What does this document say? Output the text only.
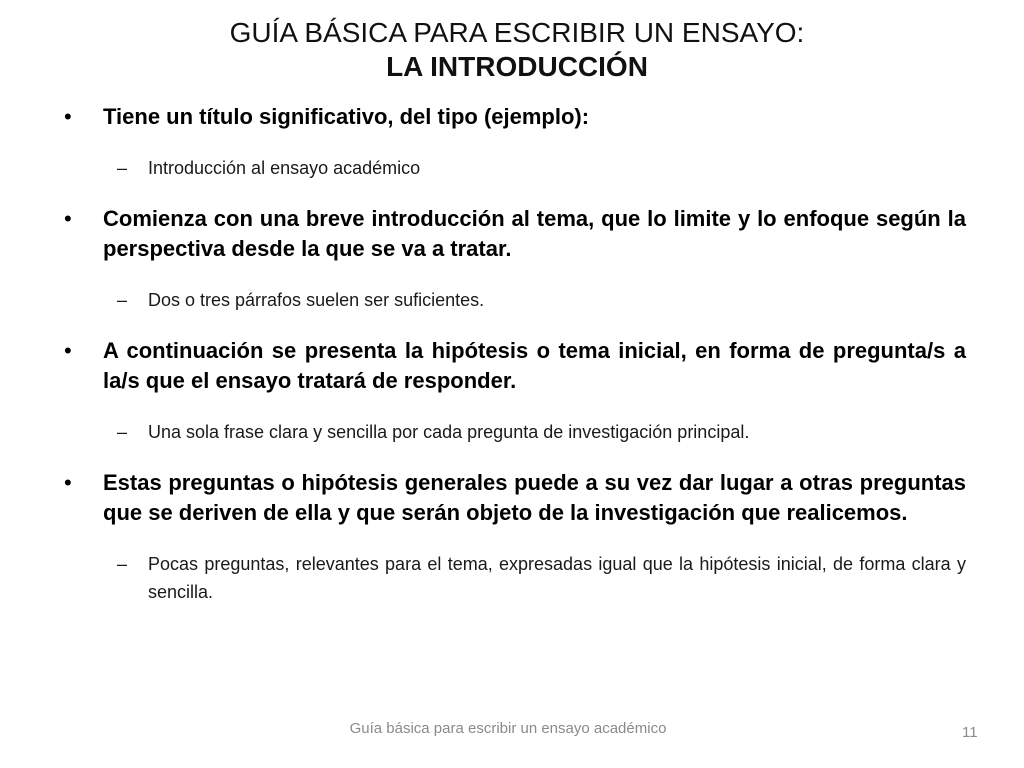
GUÍA BÁSICA PARA ESCRIBIR UN ENSAYO:
LA INTRODUCCIÓN
• Tiene un título significativo, del tipo (ejemplo):
– Introducción al ensayo académico
• Comienza con una breve introducción al tema, que lo limite y lo enfoque según la perspectiva desde la que se va a tratar.
– Dos o tres párrafos suelen ser suficientes.
• A continuación se presenta la hipótesis o tema inicial, en forma de pregunta/s a la/s que el ensayo tratará de responder.
– Una sola frase clara y sencilla por cada pregunta de investigación principal.
• Estas preguntas o hipótesis generales puede a su vez dar lugar a otras preguntas que se deriven de ella y que serán objeto de la investigación que realicemos.
– Pocas preguntas, relevantes para el tema, expresadas igual que la hipótesis inicial, de forma clara y sencilla.
Guía básica para escribir un ensayo académico	11
